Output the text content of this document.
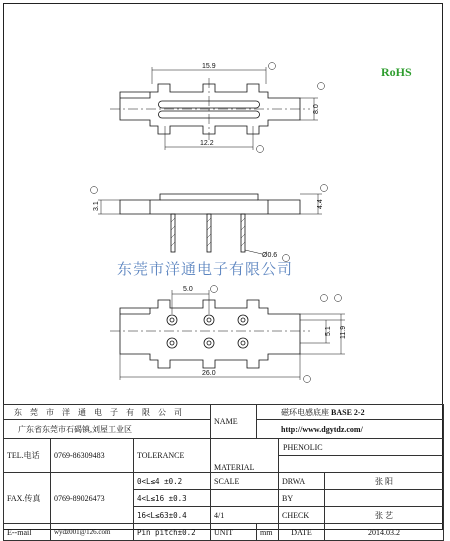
15.9
8.0
12.2
3.1	4.4
Ø0.6
5.0
5.1 11.9
26.0
RoHS
东莞市洋通电子有限公司
东 莞 市 洋 通 电 子 有 限 公 司			NAME	磁环电感底座 BASE 2-2		
广东省东莞市石碣镇,刘屋工业区				http://www.dgytdz.com/		
TEL.电话	0769-86309483	TOLERANCE	MATERIAL		PHENOLIC	

FAX.传真	0769-89026473	0<L≤4 ±0.2	SCALE		DRWA	张 阳
		4<L≤16 ±0.3			BY	
		16<L≤63±0.4	4/1		CHECK	张 艺
E--mail	wydz001@126.com	Pin pitch±0.2	UNIT	mm	DATE	2014.03.2
